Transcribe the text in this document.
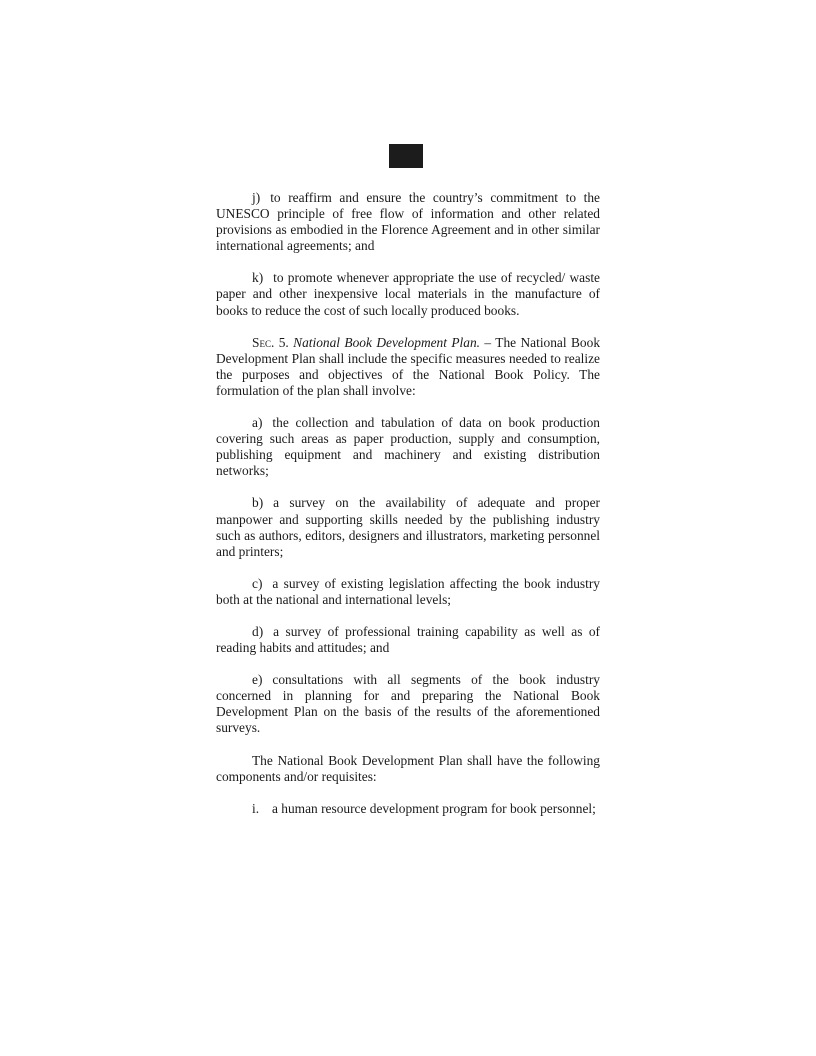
j) to reaffirm and ensure the country’s commitment to the UNESCO principle of free flow of information and other related provisions as embodied in the Florence Agreement and in other similar international agreements; and

k) to promote whenever appropriate the use of recycled/ waste paper and other inexpensive local materials in the manufacture of books to reduce the cost of such locally produced books.

Sec. 5. National Book Development Plan. – The National Book Development Plan shall include the specific measures needed to realize the purposes and objectives of the National Book Policy. The formulation of the plan shall involve:

a) the collection and tabulation of data on book production covering such areas as paper production, supply and consumption, publishing equipment and machinery and existing distribution networks;

b) a survey on the availability of adequate and proper manpower and supporting skills needed by the publishing industry such as authors, editors, designers and illustrators, marketing personnel and printers;

c) a survey of existing legislation affecting the book industry both at the national and international levels;

d) a survey of professional training capability as well as of reading habits and attitudes; and

e) consultations with all segments of the book industry concerned in planning for and preparing the National Book Development Plan on the basis of the results of the aforementioned surveys.

The National Book Development Plan shall have the following components and/or requisites:

i. a human resource development program for book personnel;
